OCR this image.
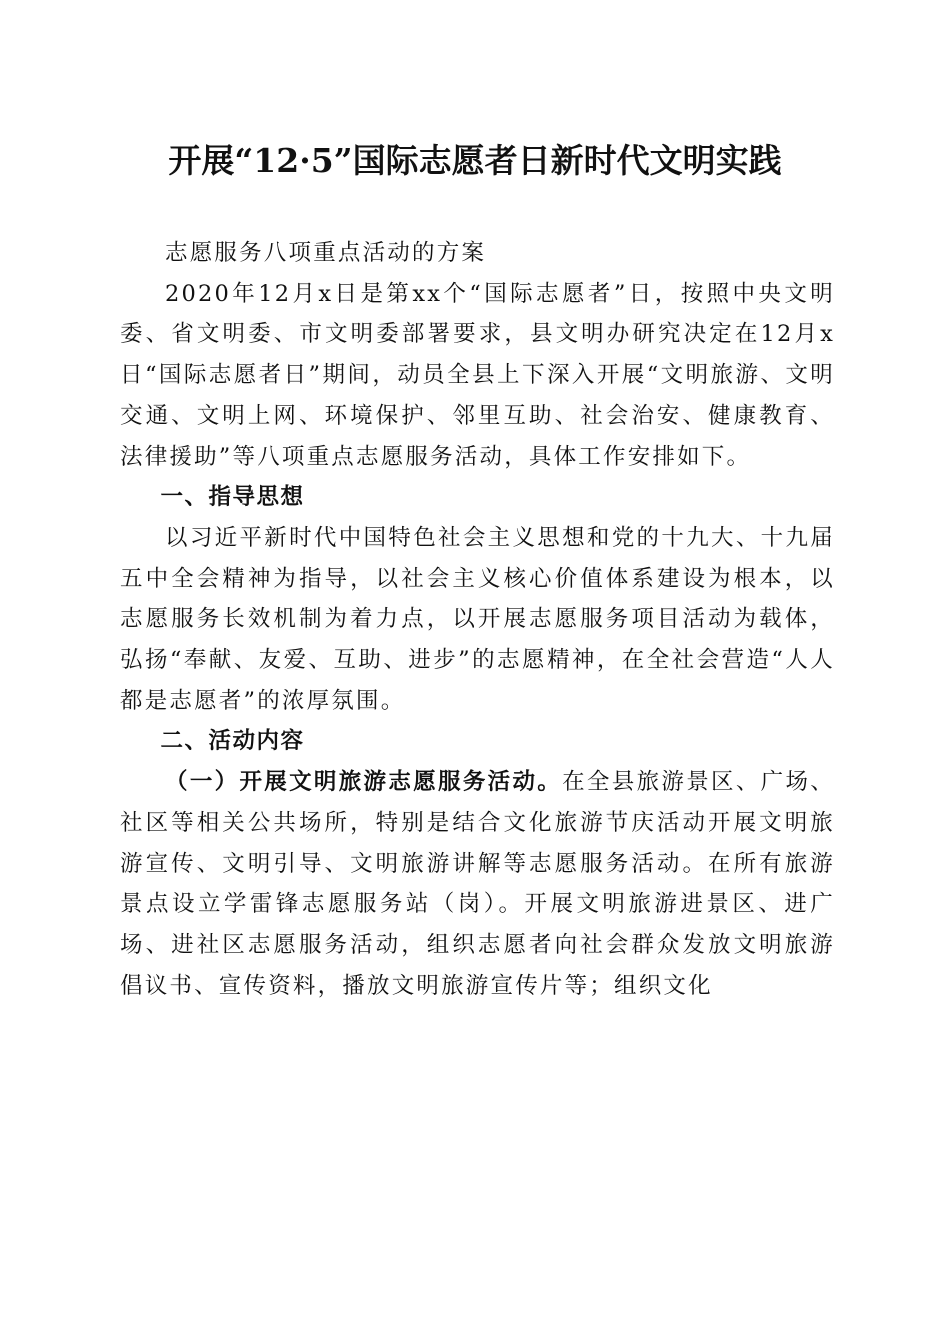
开展“12·5”国际志愿者日新时代文明实践

志愿服务八项重点活动的方案

2020年12月x日是第xx个“国际志愿者”日，按照中央文明委、省文明委、市文明委部署要求，县文明办研究决定在12月x日“国际志愿者日”期间，动员全县上下深入开展“文明旅游、文明交通、文明上网、环境保护、邻里互助、社会治安、健康教育、法律援助”等八项重点志愿服务活动，具体工作安排如下。

一、指导思想

以习近平新时代中国特色社会主义思想和党的十九大、十九届五中全会精神为指导，以社会主义核心价值体系建设为根本，以志愿服务长效机制为着力点，以开展志愿服务项目活动为载体，弘扬“奉献、友爱、互助、进步”的志愿精神，在全社会营造“人人都是志愿者”的浓厚氛围。

二、活动内容

（一）开展文明旅游志愿服务活动。在全县旅游景区、广场、社区等相关公共场所，特别是结合文化旅游节庆活动开展文明旅游宣传、文明引导、文明旅游讲解等志愿服务活动。在所有旅游景点设立学雷锋志愿服务站（岗）。开展文明旅游进景区、进广场、进社区志愿服务活动，组织志愿者向社会群众发放文明旅游倡议书、宣传资料，播放文明旅游宣传片等；组织文化
